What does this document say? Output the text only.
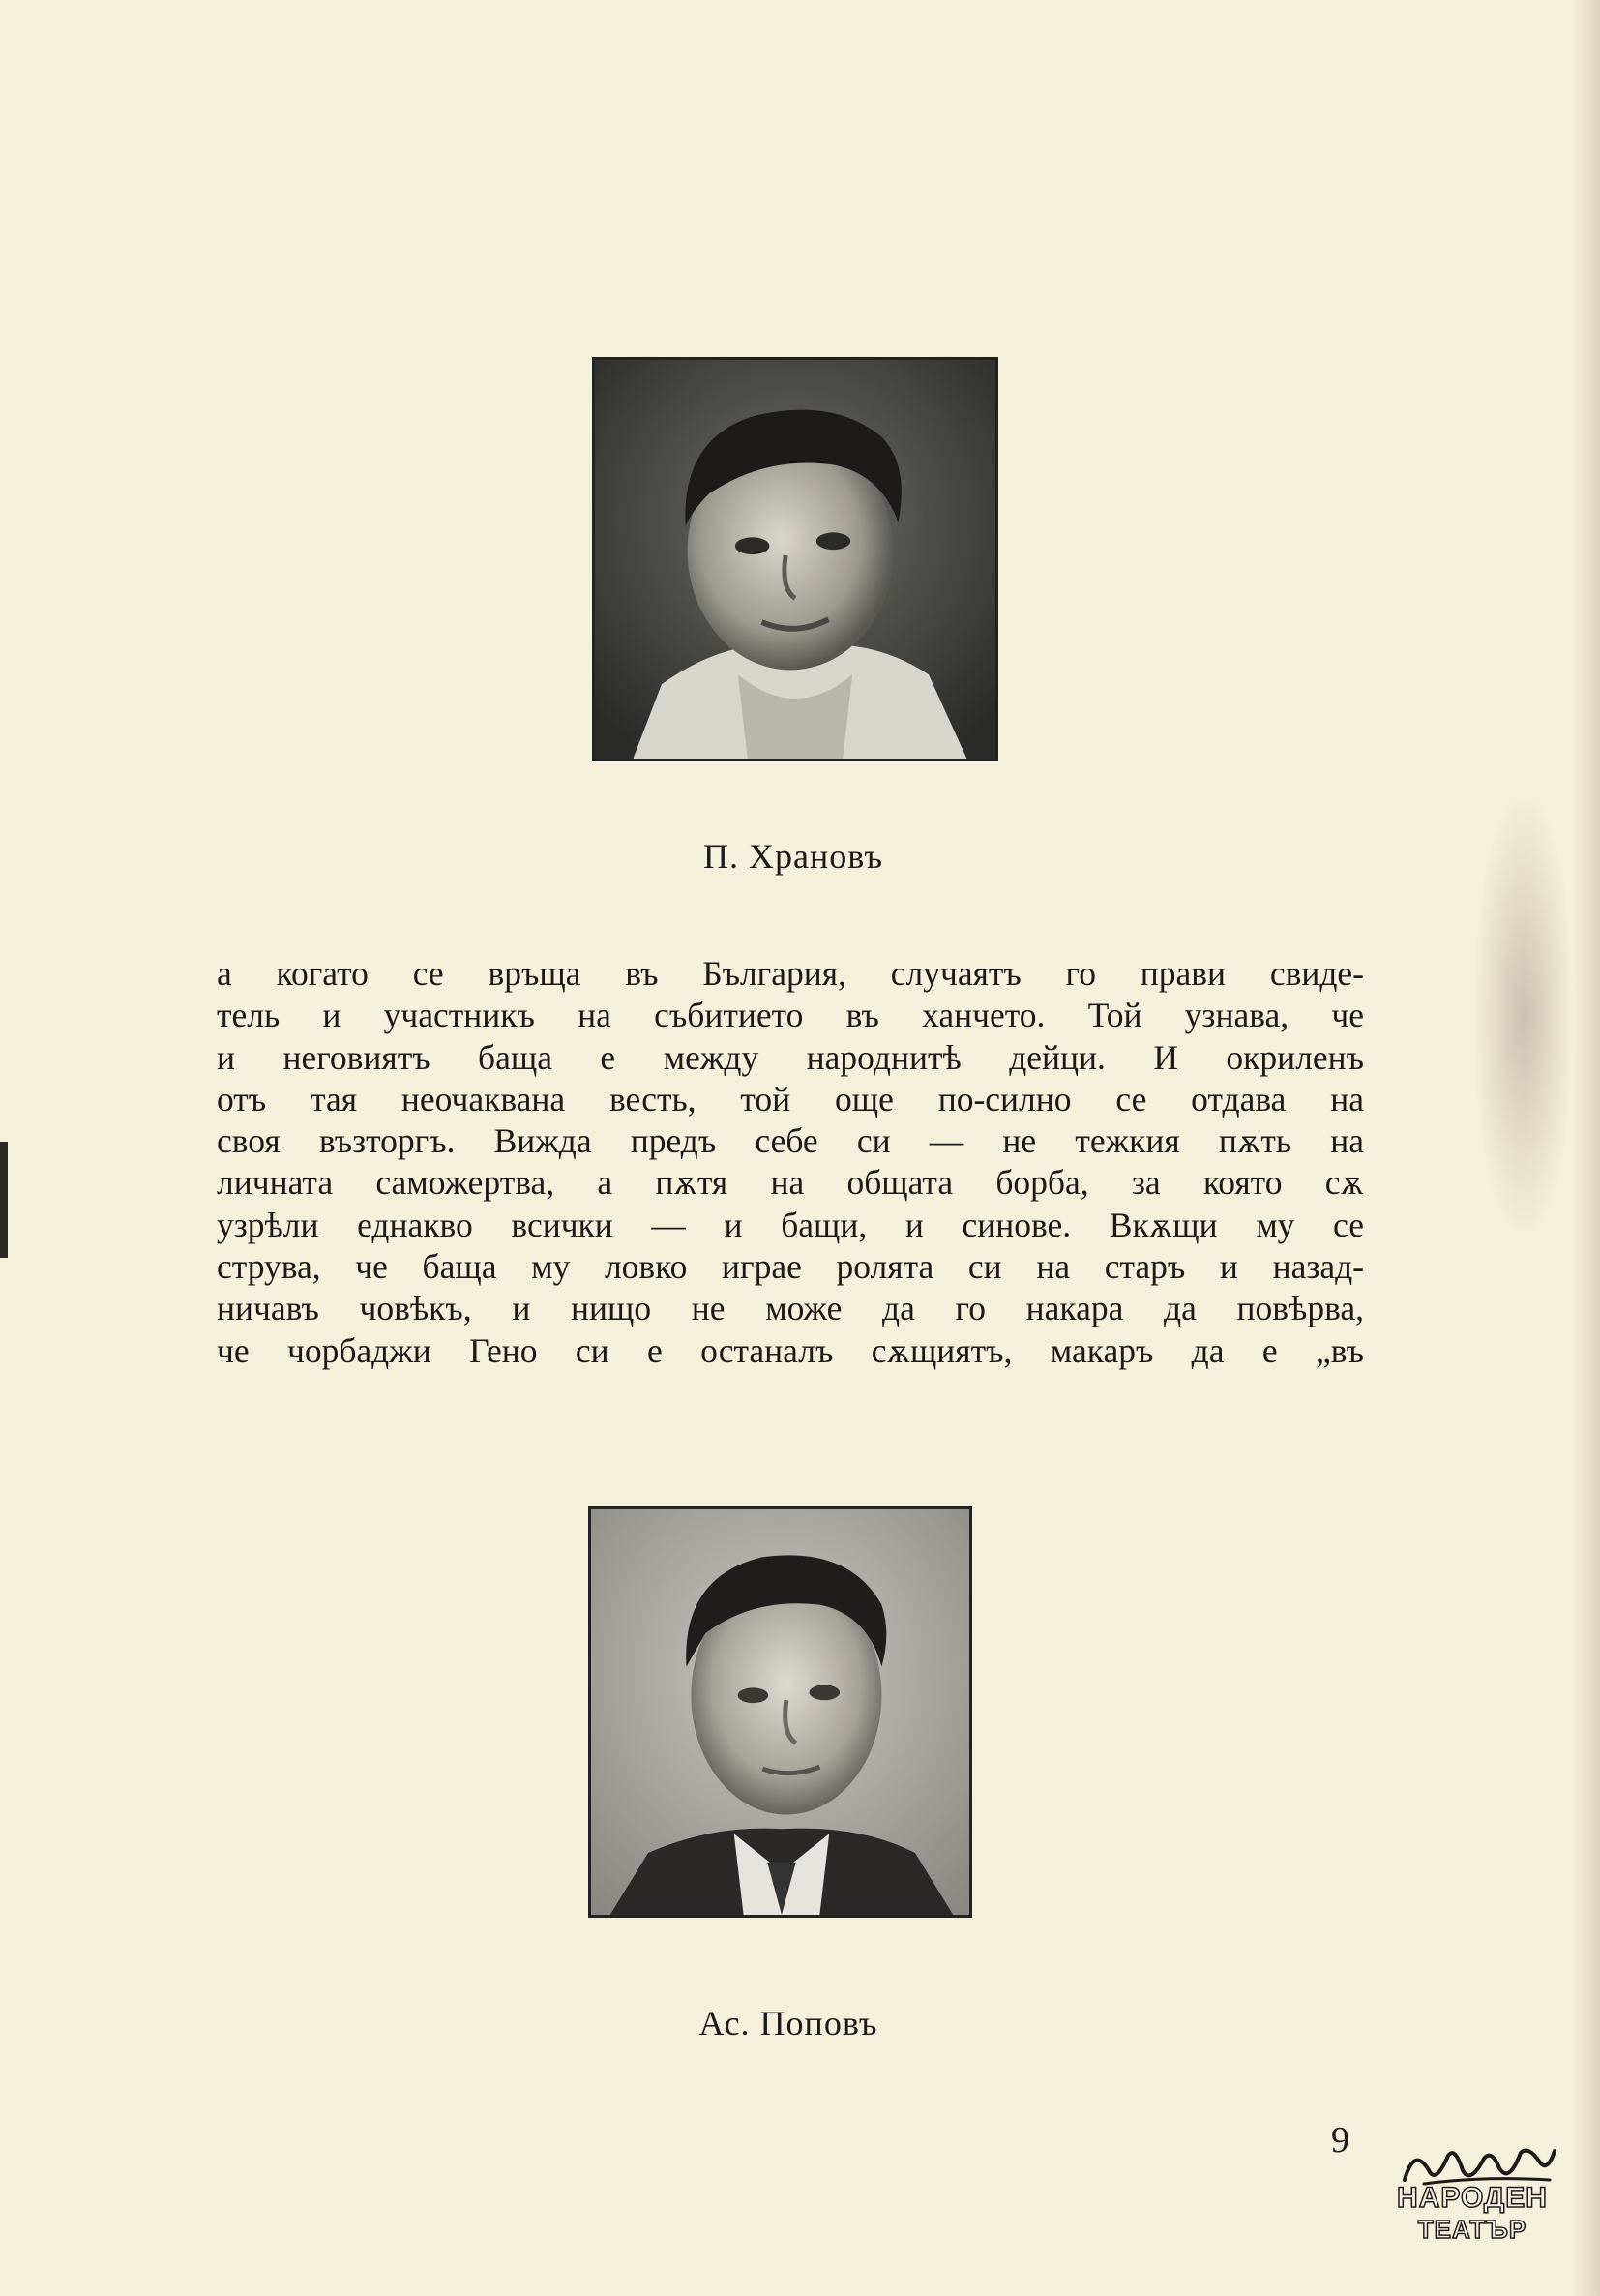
П. Храновъ
а когато се връща въ България, случаятъ го прави свиде-
тель и участникъ на събитието въ ханчето. Той узнава, че
и неговиятъ баща е между народнитѣ дейци. И окриленъ
отъ тая неочаквана весть, той още по-силно се отдава на
своя възторгъ. Вижда предъ себе си — не тежкия пѫть на
личната саможертва, а пѫтя на общата борба, за която сѫ
узрѣли еднакво всички — и бащи, и синове. Вкѫщи му се
струва, че баща му ловко играе ролята си на старъ и назад-
ничавъ човѣкъ, и нищо не може да го накара да повѣрва,
че чорбаджи Гено си е останалъ сѫщиятъ, макаръ да е „въ
Ас. Поповъ
9
НАРОДЕН
ТЕАТЪР
